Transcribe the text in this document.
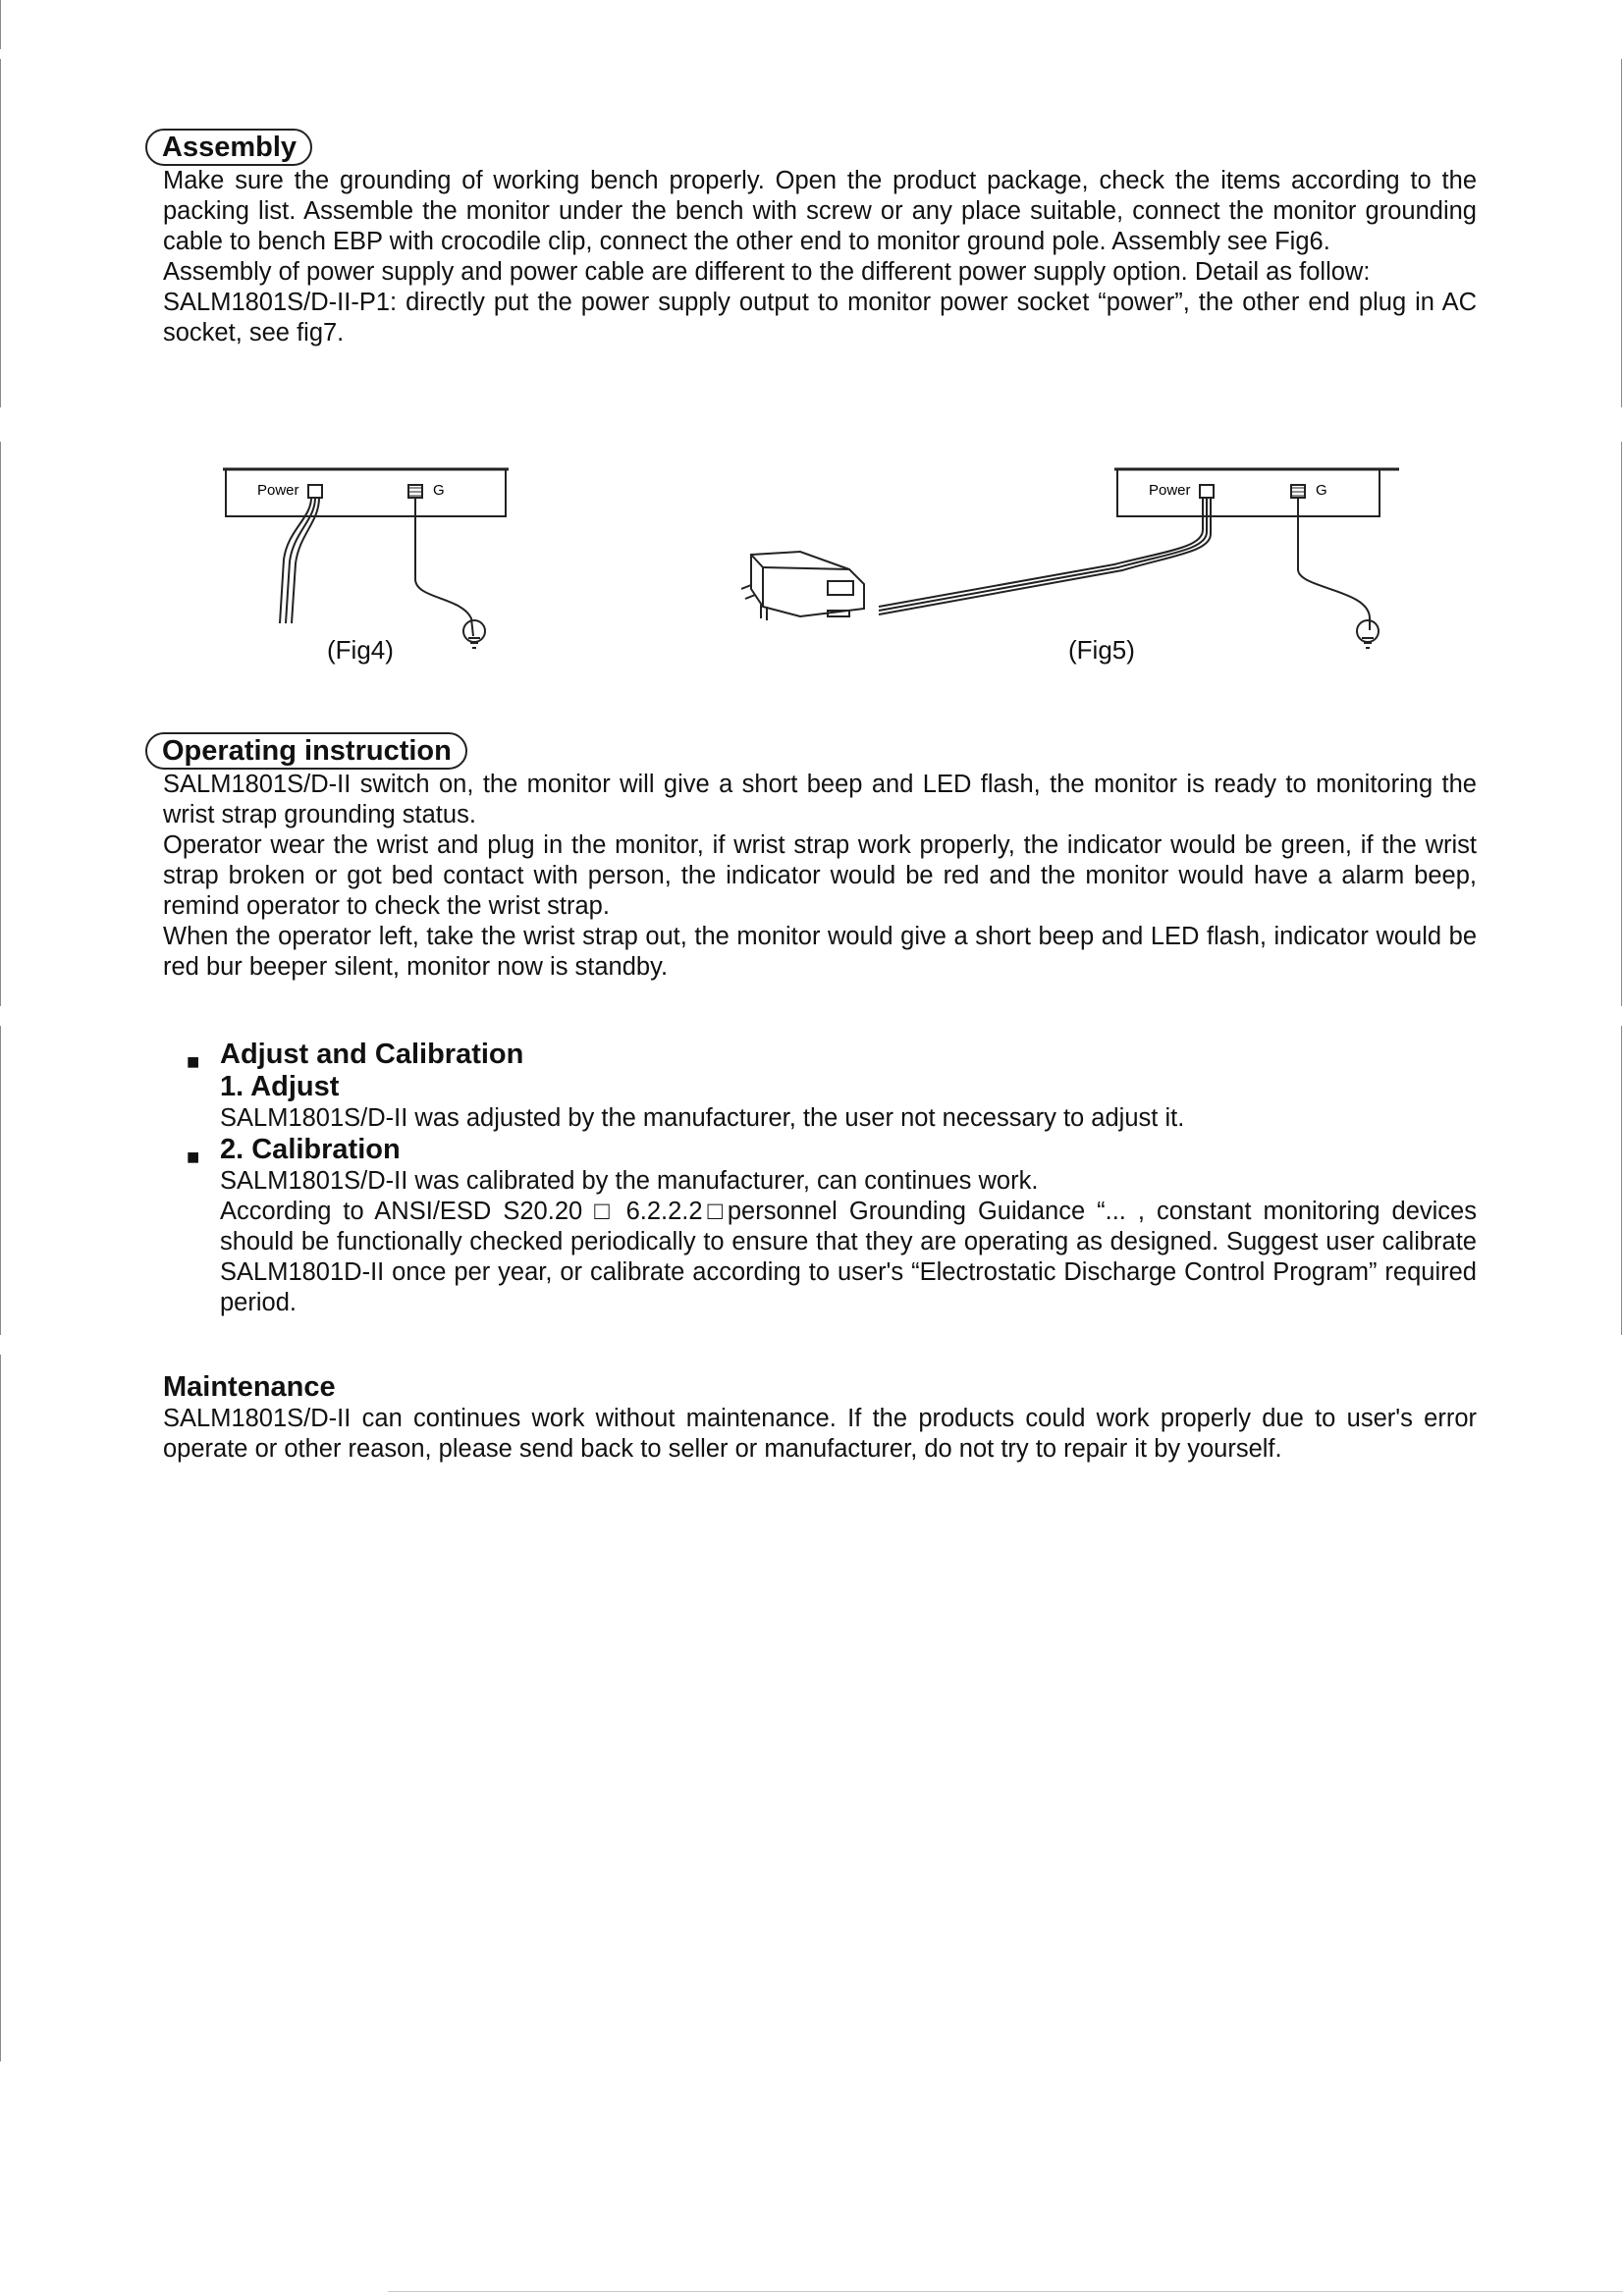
Assembly

Make sure the grounding of working bench properly. Open the product package, check the items according to the packing list. Assemble the monitor under the bench with screw or any place suitable, connect the monitor grounding cable to bench EBP with crocodile clip, connect the other end to monitor ground pole. Assembly see Fig6.

Assembly of power supply and power cable are different to the different power supply option. Detail as follow:

SALM1801S/D-II-P1: directly put the power supply output to monitor power socket “power”, the other end plug in AC socket, see fig7.

Power	G
(Fig4)
Power	G
(Fig5)
Operating instruction

SALM1801S/D-II switch on, the monitor will give a short beep and LED flash, the monitor is ready to monitoring the wrist strap grounding status.

Operator wear the wrist and plug in the monitor, if wrist strap work properly, the indicator would be green, if the wrist strap broken or got bed contact with person, the indicator would be red and the monitor would have a alarm beep, remind operator to check the wrist strap.

When the operator left, take the wrist strap out, the monitor would give a short beep and LED flash, indicator would be red bur beeper silent, monitor now is standby.

■ Adjust and Calibration
1. Adjust

SALM1801S/D-II was adjusted by the manufacturer, the user not necessary to adjust it.

■ 2. Calibration

SALM1801S/D-II was calibrated by the manufacturer, can continues work.

According to ANSI/ESD S20.20 □ 6.2.2.2□personnel Grounding Guidance “... , constant monitoring devices should be functionally checked periodically to ensure that they are operating as designed. Suggest user calibrate SALM1801D-II once per year, or calibrate according to user's “Electrostatic Discharge Control Program” required period.

Maintenance

SALM1801S/D-II can continues work without maintenance. If the products could work properly due to user's error operate or other reason, please send back to seller or manufacturer, do not try to repair it by yourself.
